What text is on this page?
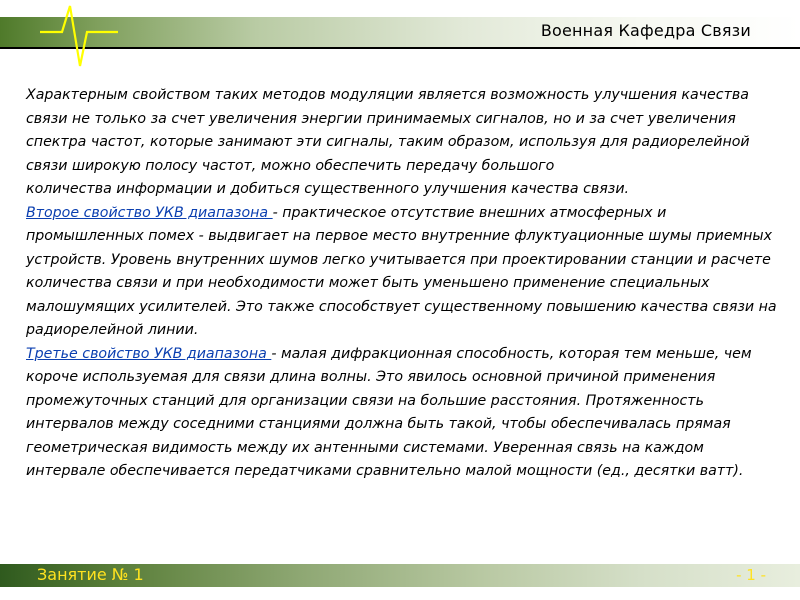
Военная Кафедра Связи

Характерным свойством таких методов модуляции является возможность улучшения качества связи не только за счет увеличения энергии принимаемых сигналов, но и за счет увеличения спектра частот, которые занимают эти сигналы, таким образом, используя для радиорелейной связи широкую полосу частот, можно обеспечить передачу большого

количества информации и добиться существенного улучшения качества связи.

Второе свойство УКВ диапазона - практическое отсутствие внешних атмосферных и промышленных помех - выдвигает на первое место внутренние флуктуационные шумы приемных устройств. Уровень внутренних шумов легко учитывается при проектировании станции и расчете количества связи и при необходимости может быть уменьшено применение специальных малошумящих усилителей. Это также способствует существенному повышению качества связи на радиорелейной линии.

Третье свойство УКВ диапазона - малая дифракционная способность, которая тем меньше, чем короче используемая для связи длина волны. Это явилось основной причиной применения промежуточных станций для организации связи на большие расстояния. Протяженность интервалов между соседними станциями должна быть такой, чтобы обеспечивалась прямая геометрическая видимость между их антенными системами. Уверенная связь на каждом интервале обеспечивается передатчиками сравнительно малой мощности (ед., десятки ватт).

Занятие № 1	- 1 -
